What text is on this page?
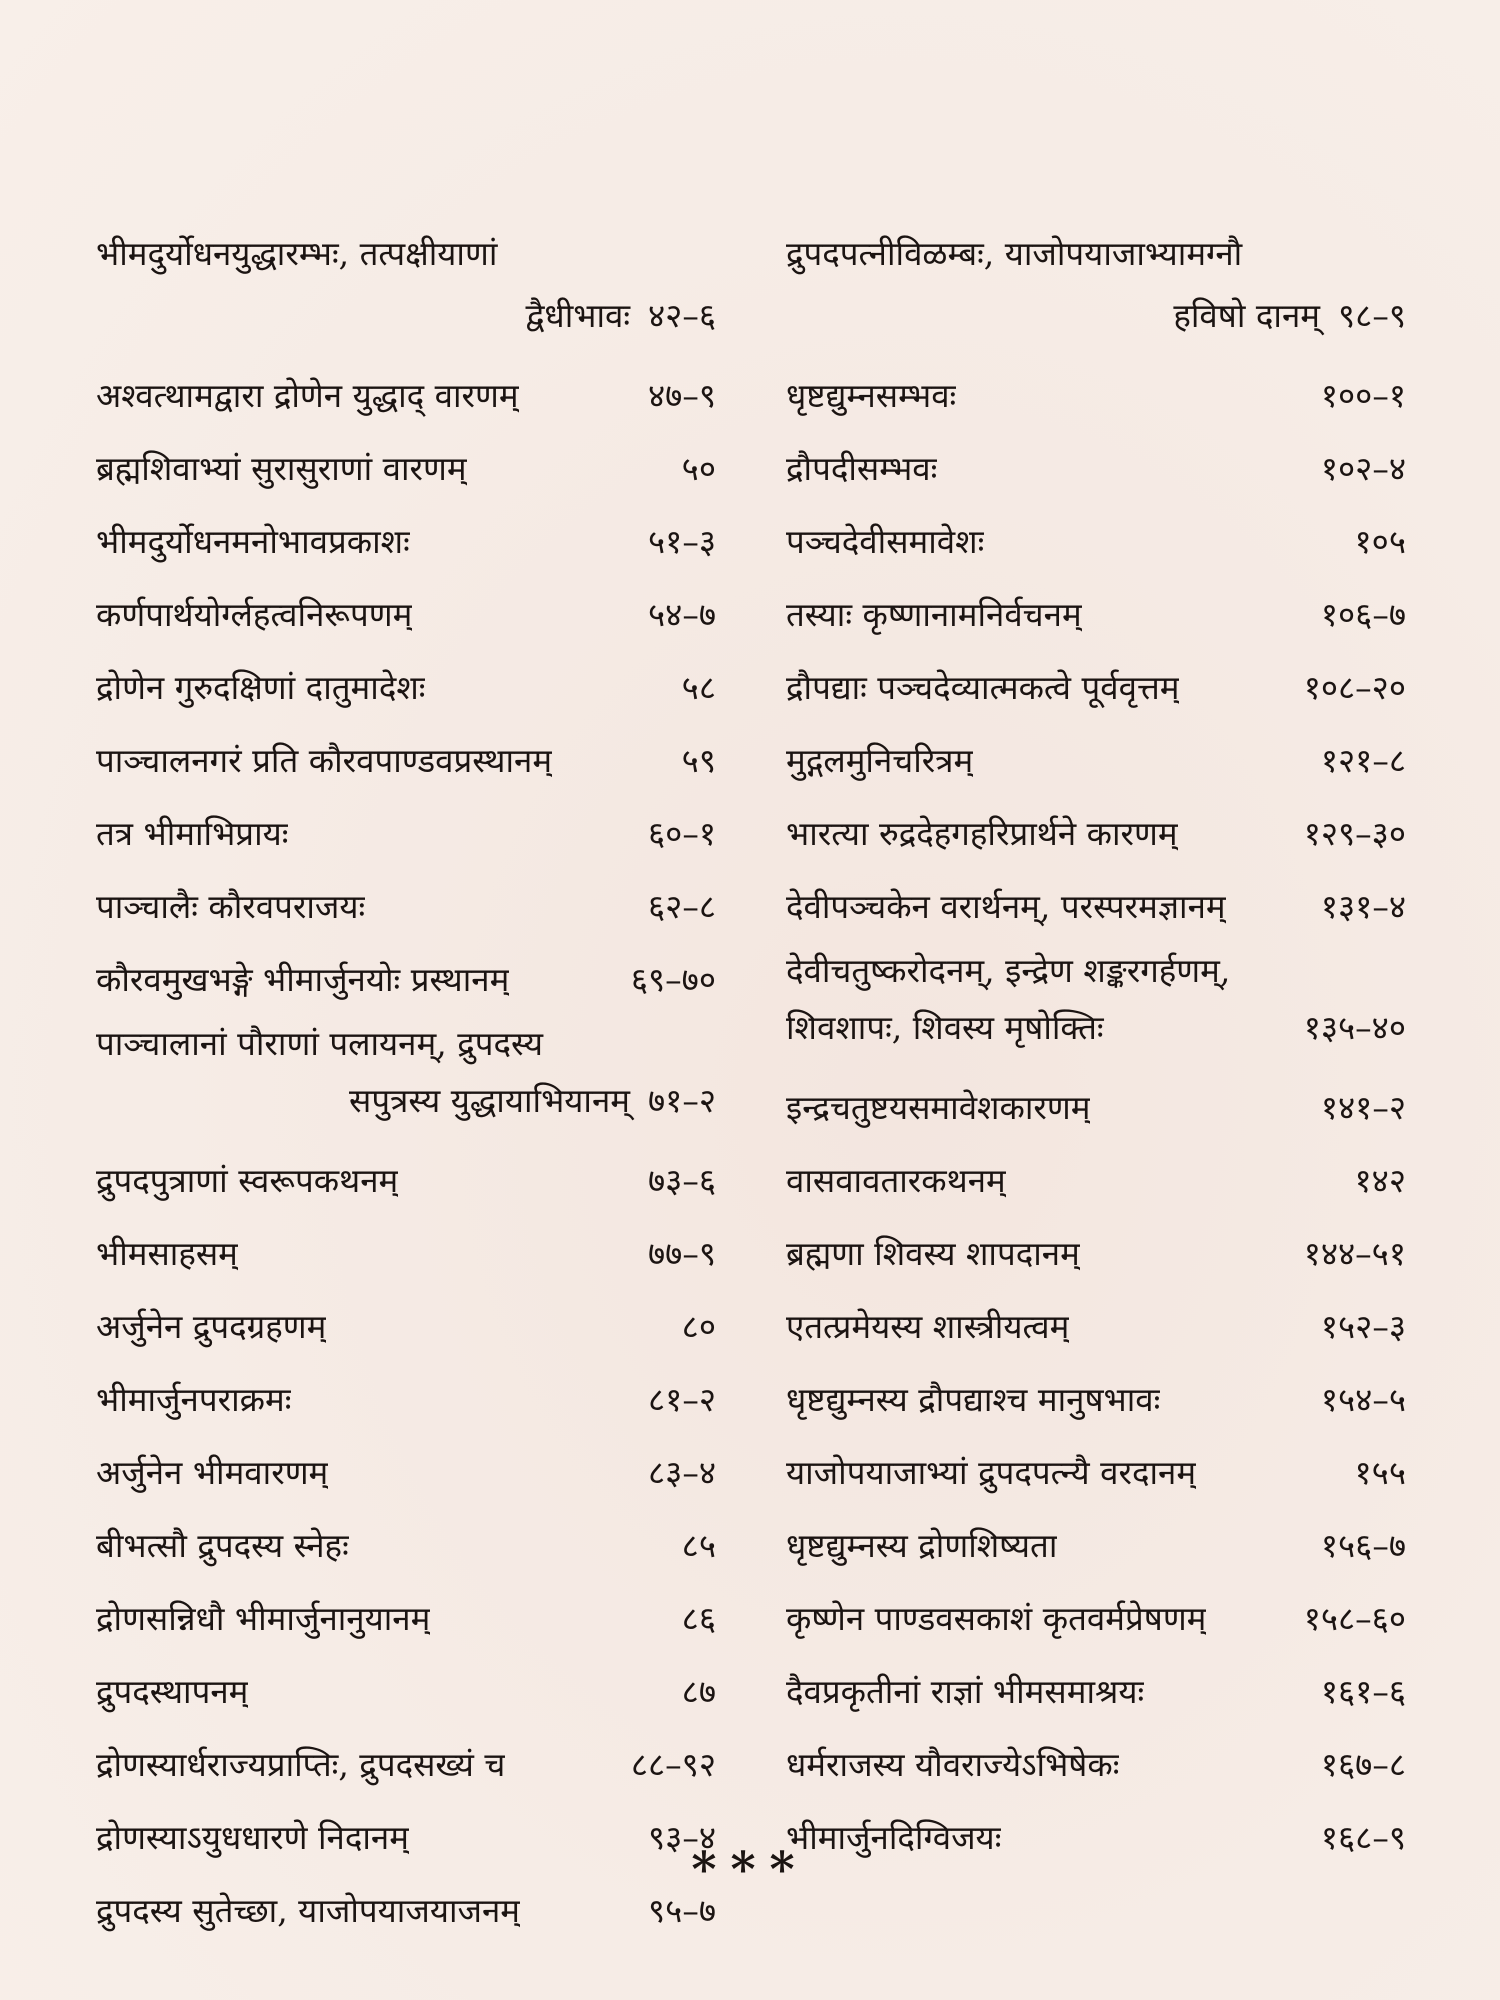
भीमदुर्योधनयुद्धारम्भः, तत्पक्षीयाणां
द्वैधीभावः ४२–६
अश्वत्थामद्वारा द्रोणेन युद्धाद् वारणम्	४७–९
ब्रह्मशिवाभ्यां सुरासुराणां वारणम्	५०
भीमदुर्योधनमनोभावप्रकाशः	५१–३
कर्णपार्थयोर्ग्लहत्वनिरूपणम्	५४–७
द्रोणेन गुरुदक्षिणां दातुमादेशः	५८
पाञ्चालनगरं प्रति कौरवपाण्डवप्रस्थानम्	५९
तत्र भीमाभिप्रायः	६०–१
पाञ्चालैः कौरवपराजयः	६२–८
कौरवमुखभङ्गे भीमार्जुनयोः प्रस्थानम्	६९–७०
पाञ्चालानां पौराणां पलायनम्, द्रुपदस्य
सपुत्रस्य युद्धायाभियानम् ७१–२
द्रुपदपुत्राणां स्वरूपकथनम्	७३–६
भीमसाहसम्	७७–९
अर्जुनेन द्रुपदग्रहणम्	८०
भीमार्जुनपराक्रमः	८१–२
अर्जुनेन भीमवारणम्	८३–४
बीभत्सौ द्रुपदस्य स्नेहः	८५
द्रोणसन्निधौ भीमार्जुनानुयानम्	८६
द्रुपदस्थापनम्	८७
द्रोणस्यार्धराज्यप्राप्तिः, द्रुपदसख्यं च	८८–९२
द्रोणस्याऽयुधधारणे निदानम्	९३–४
द्रुपदस्य सुतेच्छा, याजोपयाजयाजनम्	९५–७
द्रुपदपत्नीविळम्बः, याजोपयाजाभ्यामग्नौ
हविषो दानम् ९८–९
धृष्टद्युम्नसम्भवः	१००–१
द्रौपदीसम्भवः	१०२–४
पञ्चदेवीसमावेशः	१०५
तस्याः कृष्णानामनिर्वचनम्	१०६–७
द्रौपद्याः पञ्चदेव्यात्मकत्वे पूर्ववृत्तम्	१०८–२०
मुद्गलमुनिचरित्रम्	१२१–८
भारत्या रुद्रदेहगहरिप्रार्थने कारणम्	१२९–३०
देवीपञ्चकेन वरार्थनम्, परस्परमज्ञानम्	१३१–४
देवीचतुष्करोदनम्, इन्द्रेण शङ्करगर्हणम्,
शिवशापः, शिवस्य मृषोक्तिः	१३५–४०
इन्द्रचतुष्टयसमावेशकारणम्	१४१–२
वासवावतारकथनम्	१४२
ब्रह्मणा शिवस्य शापदानम्	१४४–५१
एतत्प्रमेयस्य शास्त्रीयत्वम्	१५२–३
धृष्टद्युम्नस्य द्रौपद्याश्च मानुषभावः	१५४–५
याजोपयाजाभ्यां द्रुपदपत्न्यै वरदानम्	१५५
धृष्टद्युम्नस्य द्रोणशिष्यता	१५६–७
कृष्णेन पाण्डवसकाशं कृतवर्मप्रेषणम्	१५८–६०
दैवप्रकृतीनां राज्ञां भीमसमाश्रयः	१६१–६
धर्मराजस्य यौवराज्येऽभिषेकः	१६७–८
भीमार्जुनदिग्विजयः	१६८–९
***
